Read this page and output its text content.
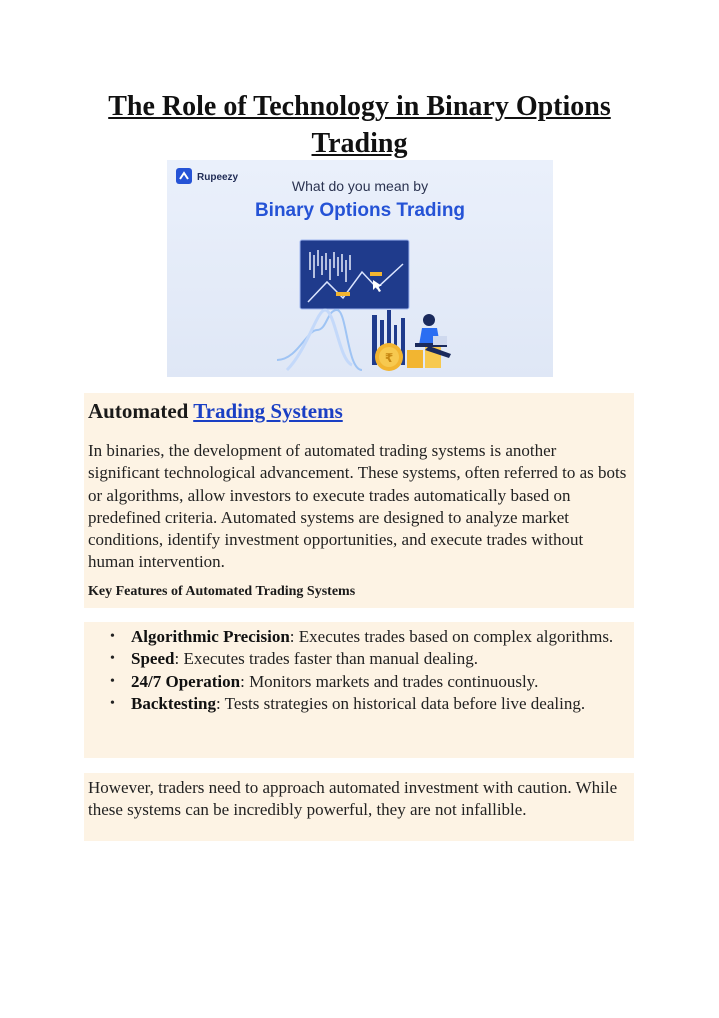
The Role of Technology in Binary Options Trading
Rupeezy
What do you mean by
Binary Options Trading
₹
Automated Trading Systems

In binaries, the development of automated trading systems is another significant technological advancement. These systems, often referred to as bots or algorithms, allow investors to execute trades automatically based on predefined criteria. Automated systems are designed to analyze market conditions, identify investment opportunities, and execute trades without human intervention.

Key Features of Automated Trading Systems
• Algorithmic Precision: Executes trades based on complex algorithms.
• Speed: Executes trades faster than manual dealing.
• 24/7 Operation: Monitors markets and trades continuously.
• Backtesting: Tests strategies on historical data before live dealing.

However, traders need to approach automated investment with caution. While these systems can be incredibly powerful, they are not infallible.
